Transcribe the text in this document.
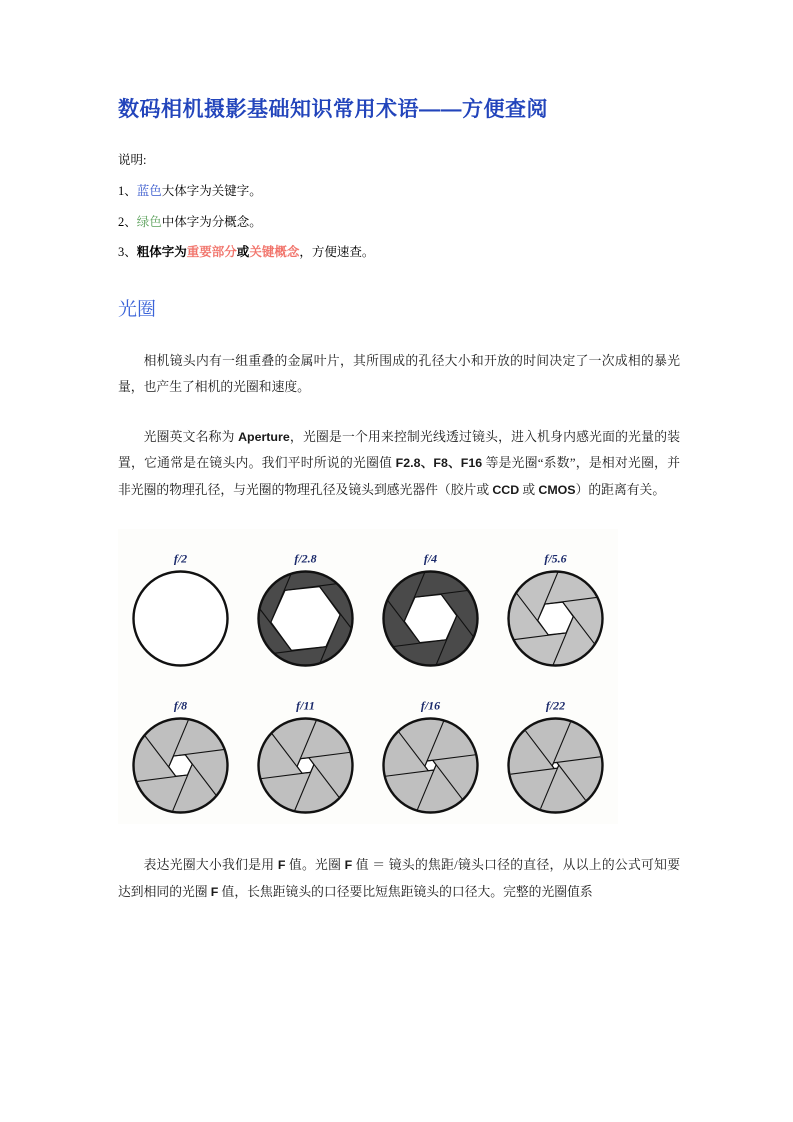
数码相机摄影基础知识常用术语——方便查阅

说明:

1、蓝色大体字为关键字。

2、绿色中体字为分概念。

3、粗体字为重要部分或关键概念，方便速查。

光圈

相机镜头内有一组重叠的金属叶片，其所围成的孔径大小和开放的时间决定了一次成相的暴光量，也产生了相机的光圈和速度。

光圈英文名称为 Aperture，光圈是一个用来控制光线透过镜头，进入机身内感光面的光量的装置，它通常是在镜头内。我们平时所说的光圈值 F2.8、F8、F16 等是光圈“系数”，是相对光圈，并非光圈的物理孔径，与光圈的物理孔径及镜头到感光器件（胶片或 CCD 或 CMOS）的距离有关。

f/2	f/2.8	f/4	f/5.6
f/8	f/11	f/16	f/22

表达光圈大小我们是用 F 值。光圈 F 值 ＝ 镜头的焦距/镜头口径的直径，从以上的公式可知要达到相同的光圈 F 值，长焦距镜头的口径要比短焦距镜头的口径大。完整的光圈值系
